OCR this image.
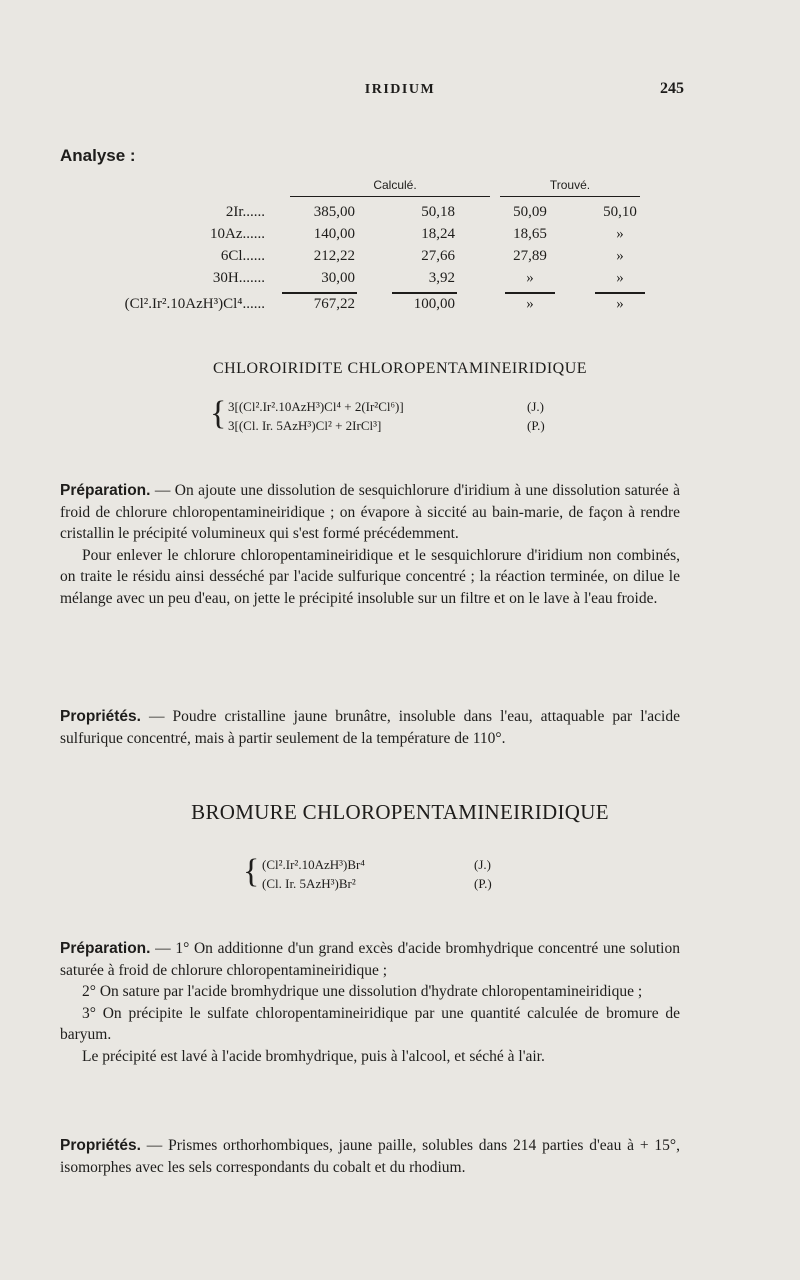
IRIDIUM	245
Analyse :
Calculé.	Trouvé.
2Ir......	385,00	50,18	50,09	50,10
10Az......	140,00	18,24	18,65	»
6Cl......	212,22	27,66	27,89	»
30H.......	30,00	3,92	»	»
(Cl².Ir².10AzH³)Cl⁴......	767,22	100,00	»	»
CHLOROIRIDITE CHLOROPENTAMINEIRIDIQUE
{ 3[(Cl².Ir².10AzH³)Cl⁴ + 2(Ir²Cl⁶)]	(J.)
3[(Cl. Ir. 5AzH³)Cl² + 2IrCl³]	(P.)

Préparation. — On ajoute une dissolution de sesquichlorure d'iridium à une dissolution saturée à froid de chlorure chloropentamineiridique ; on évapore à siccité au bain-marie, de façon à rendre cristallin le précipité volumineux qui s'est formé précédemment.

Pour enlever le chlorure chloropentamineiridique et le sesquichlorure d'iridium non combinés, on traite le résidu ainsi desséché par l'acide sulfurique concentré ; la réaction terminée, on dilue le mélange avec un peu d'eau, on jette le précipité insoluble sur un filtre et on le lave à l'eau froide.

Propriétés. — Poudre cristalline jaune brunâtre, insoluble dans l'eau, attaquable par l'acide sulfurique concentré, mais à partir seulement de la température de 110°.

BROMURE CHLOROPENTAMINEIRIDIQUE
{ (Cl².Ir².10AzH³)Br⁴	(J.)
(Cl. Ir. 5AzH³)Br²	(P.)

Préparation. — 1° On additionne d'un grand excès d'acide bromhydrique concentré une solution saturée à froid de chlorure chloropentamineiridique ;

2° On sature par l'acide bromhydrique une dissolution d'hydrate chloropentamineiridique ;

3° On précipite le sulfate chloropentamineiridique par une quantité calculée de bromure de baryum.

Le précipité est lavé à l'acide bromhydrique, puis à l'alcool, et séché à l'air.

Propriétés. — Prismes orthorhombiques, jaune paille, solubles dans 214 parties d'eau à + 15°, isomorphes avec les sels correspondants du cobalt et du rhodium.
